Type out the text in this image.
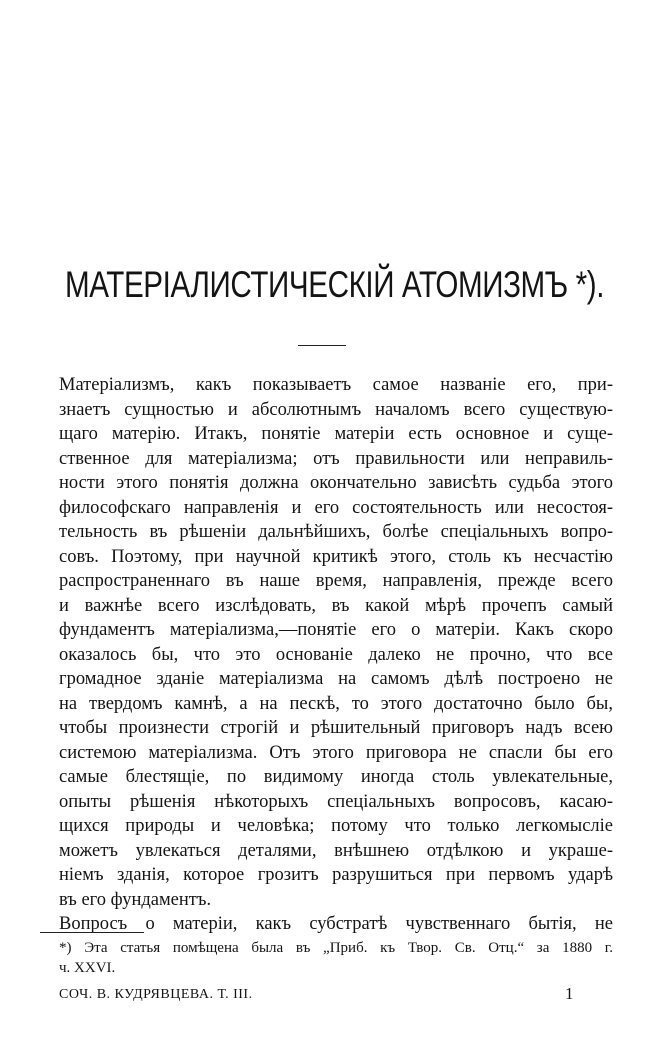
МАТЕРІАЛИСТИЧЕСКІЙ АТОМИЗМЪ *).
Матеріализмъ, какъ показываетъ самое названіе его, при-
знаетъ сущностью и абсолютнымъ началомъ всего существую-
щаго матерію. Итакъ, понятіе матеріи есть основное и суще-
ственное для матеріализма; отъ правильности или неправиль-
ности этого понятія должна окончательно зависѣть судьба этого
философскаго направленія и его состоятельность или несостоя-
тельность въ рѣшеніи дальнѣйшихъ, болѣе спеціальныхъ вопро-
совъ. Поэтому, при научной критикѣ этого, столь къ несчастію
распространеннаго въ наше время, направленія, прежде всего
и важнѣе всего изслѣдовать, въ какой мѣрѣ прочепъ самый
фундаментъ матеріализма,—понятіе его о матеріи. Какъ скоро
оказалось бы, что это основаніе далеко не прочно, что все
громадное зданіе матеріализма на самомъ дѣлѣ построено не
на твердомъ камнѣ, а на пескѣ, то этого достаточно было бы,
чтобы произнести строгій и рѣшительный приговоръ надъ всею
системою матеріализма. Отъ этого приговора не спасли бы его
самые блестящіе, по видимому иногда столь увлекательные,
опыты рѣшенія нѣкоторыхъ спеціальныхъ вопросовъ, касаю-
щихся природы и человѣка; потому что только легкомысліе
можетъ увлекаться деталями, внѣшнею отдѣлкою и украше-
ніемъ зданія, которое грозитъ разрушиться при первомъ ударѣ
въ его фундаментъ.
Вопросъ о матеріи, какъ субстратѣ чувственнаго бытія, не
*) Эта статья помѣщена была въ „Приб. къ Твор. Св. Отц.“ за 1880 г.
ч. XXVI.
СОЧ. В. КУДРЯВЦЕВА. Т. III.	1
